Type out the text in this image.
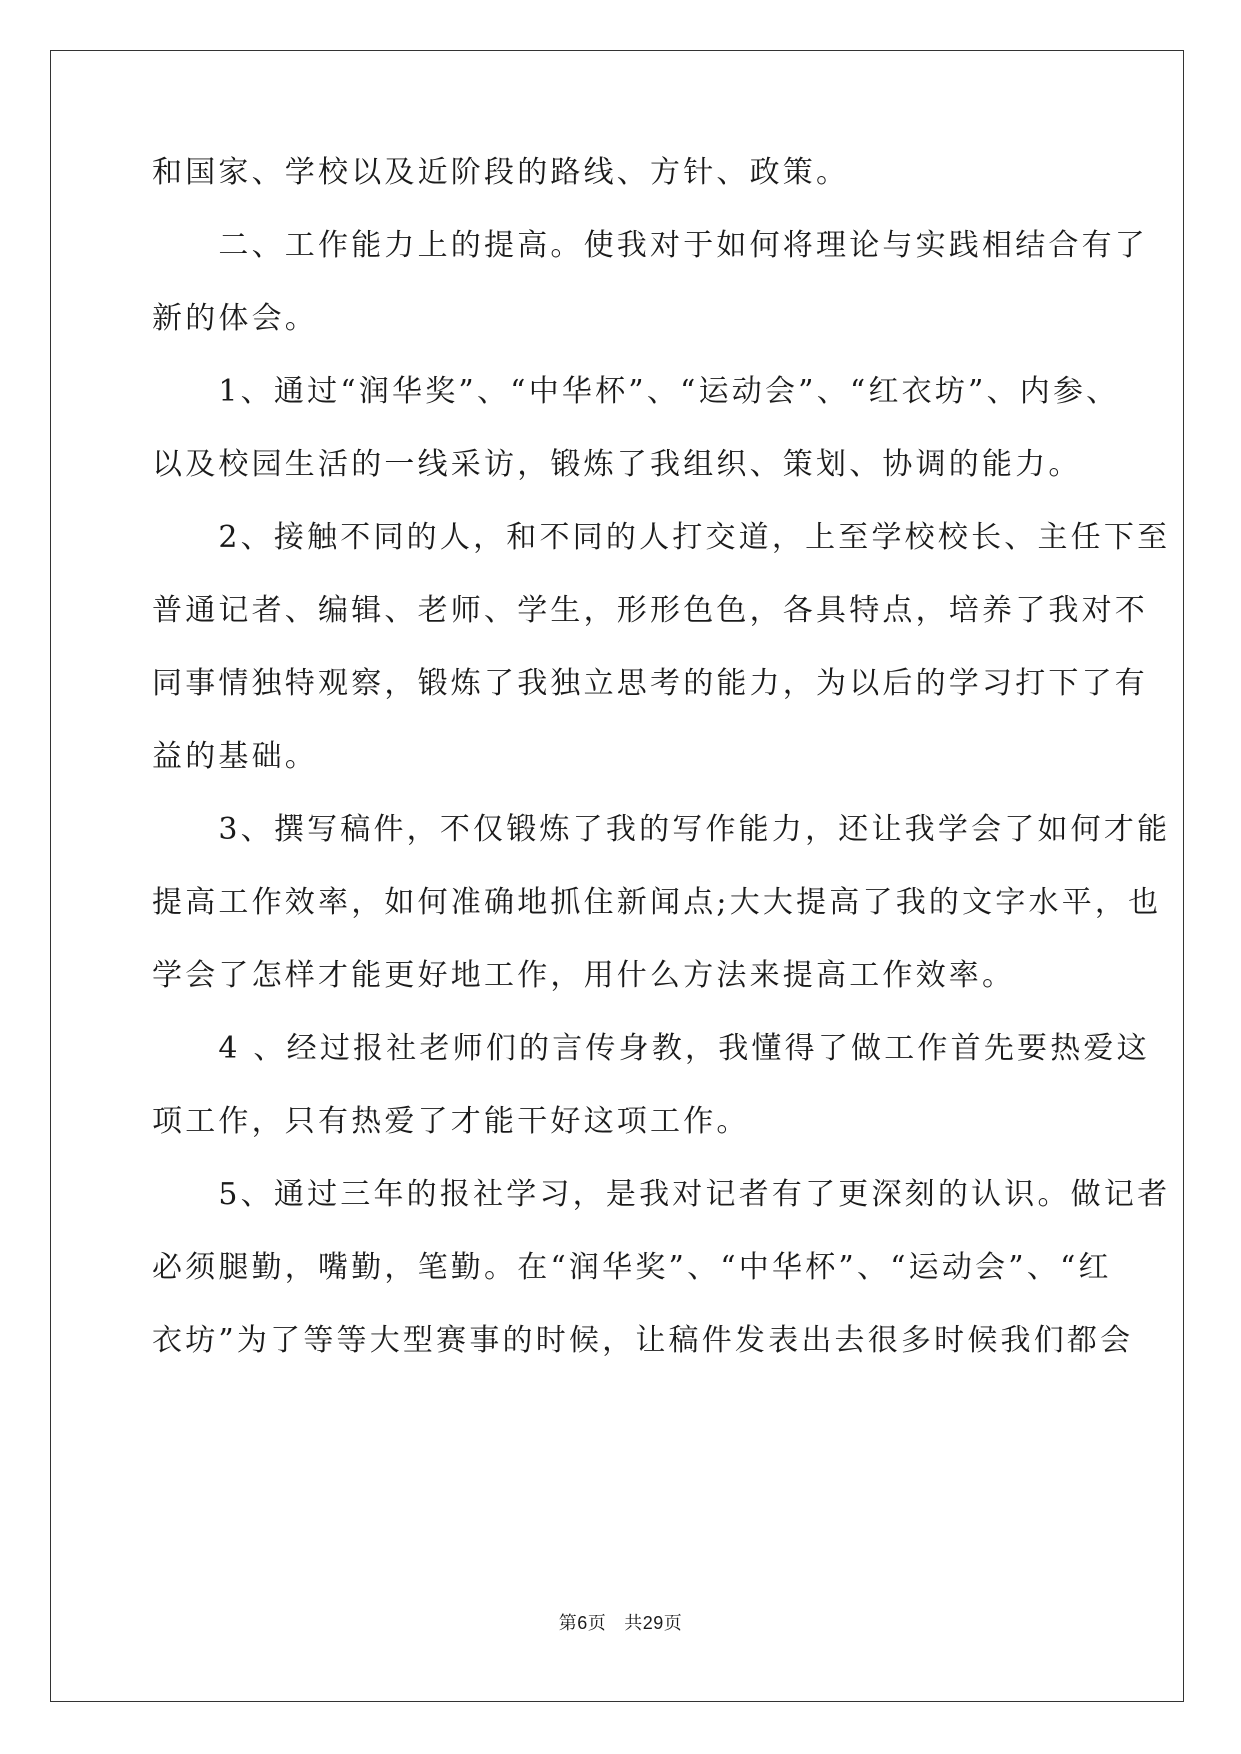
和国家、学校以及近阶段的路线、方针、政策。
　　二、工作能力上的提高。使我对于如何将理论与实践相结合有了
新的体会。
　　1、通过“润华奖”、“中华杯”、“运动会”、“红衣坊”、内参、
以及校园生活的一线采访，锻炼了我组织、策划、协调的能力。
　　2、接触不同的人，和不同的人打交道，上至学校校长、主任下至
普通记者、编辑、老师、学生，形形色色，各具特点，培养了我对不
同事情独特观察，锻炼了我独立思考的能力，为以后的学习打下了有
益的基础。
　　3、撰写稿件，不仅锻炼了我的写作能力，还让我学会了如何才能
提高工作效率，如何准确地抓住新闻点;大大提高了我的文字水平，也
学会了怎样才能更好地工作，用什么方法来提高工作效率。
　　4 、经过报社老师们的言传身教，我懂得了做工作首先要热爱这
项工作，只有热爱了才能干好这项工作。
　　5、通过三年的报社学习，是我对记者有了更深刻的认识。做记者
必须腿勤，嘴勤，笔勤。在“润华奖”、“中华杯”、“运动会”、“红
衣坊”为了等等大型赛事的时候，让稿件发表出去很多时候我们都会
第6页 共29页
